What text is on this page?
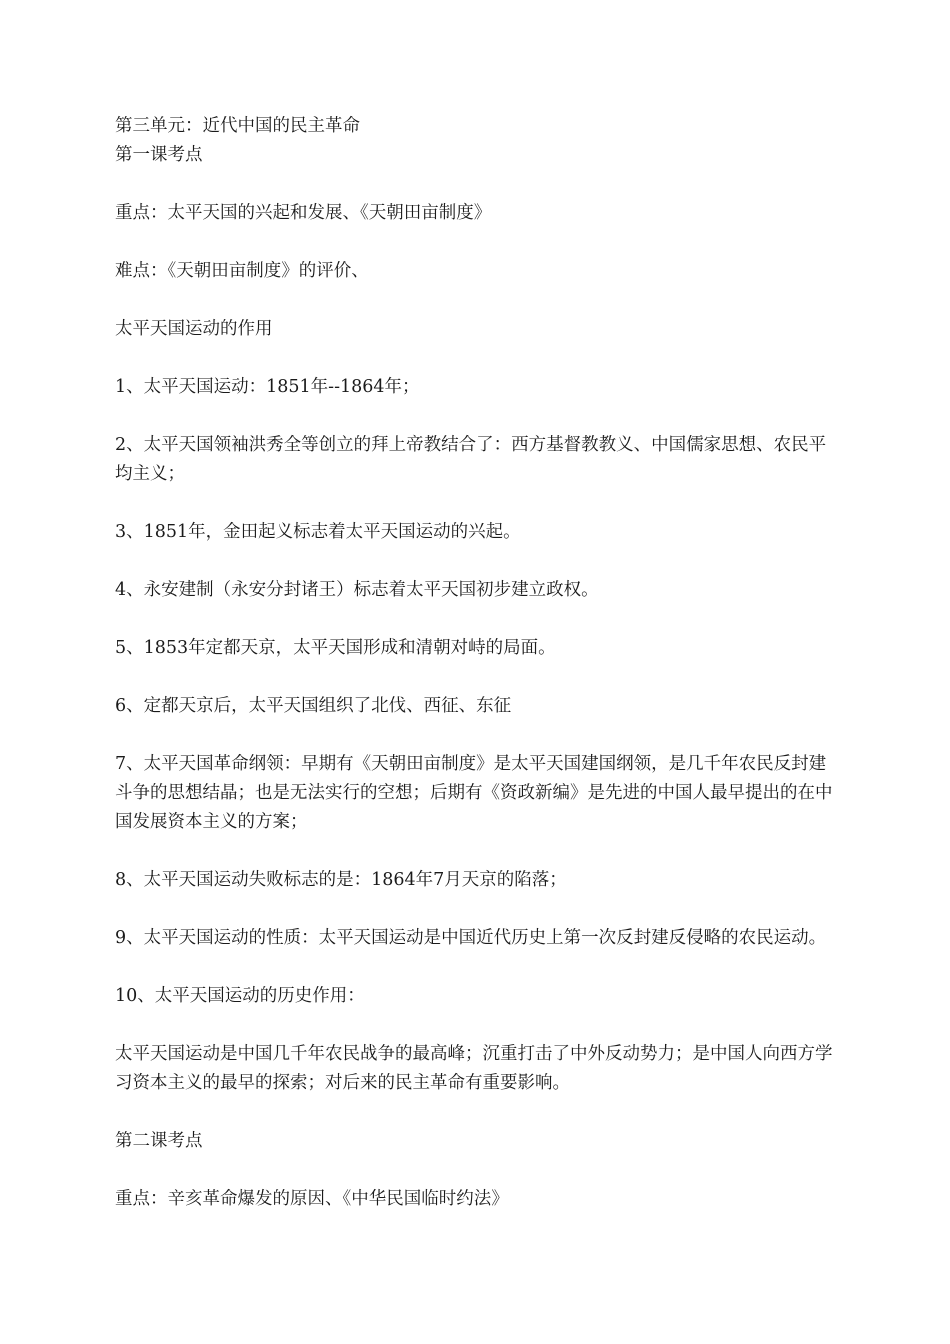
第三单元：近代中国的民主革命

第一课考点

重点：太平天国的兴起和发展、《天朝田亩制度》

难点：《天朝田亩制度》的评价、

太平天国运动的作用

1、太平天国运动：1851年--1864年；

2、太平天国领袖洪秀全等创立的拜上帝教结合了：西方基督教教义、中国儒家思想、农民平均主义；

3、1851年，金田起义标志着太平天国运动的兴起。

4、永安建制（永安分封诸王）标志着太平天国初步建立政权。

5、1853年定都天京，太平天国形成和清朝对峙的局面。

6、定都天京后，太平天国组织了北伐、西征、东征

7、太平天国革命纲领：早期有《天朝田亩制度》是太平天国建国纲领，是几千年农民反封建斗争的思想结晶；也是无法实行的空想；后期有《资政新编》是先进的中国人最早提出的在中国发展资本主义的方案；

8、太平天国运动失败标志的是：1864年7月天京的陷落；

9、太平天国运动的性质：太平天国运动是中国近代历史上第一次反封建反侵略的农民运动。

10、太平天国运动的历史作用：

太平天国运动是中国几千年农民战争的最高峰；沉重打击了中外反动势力；是中国人向西方学习资本主义的最早的探索；对后来的民主革命有重要影响。

第二课考点

重点：辛亥革命爆发的原因、《中华民国临时约法》
